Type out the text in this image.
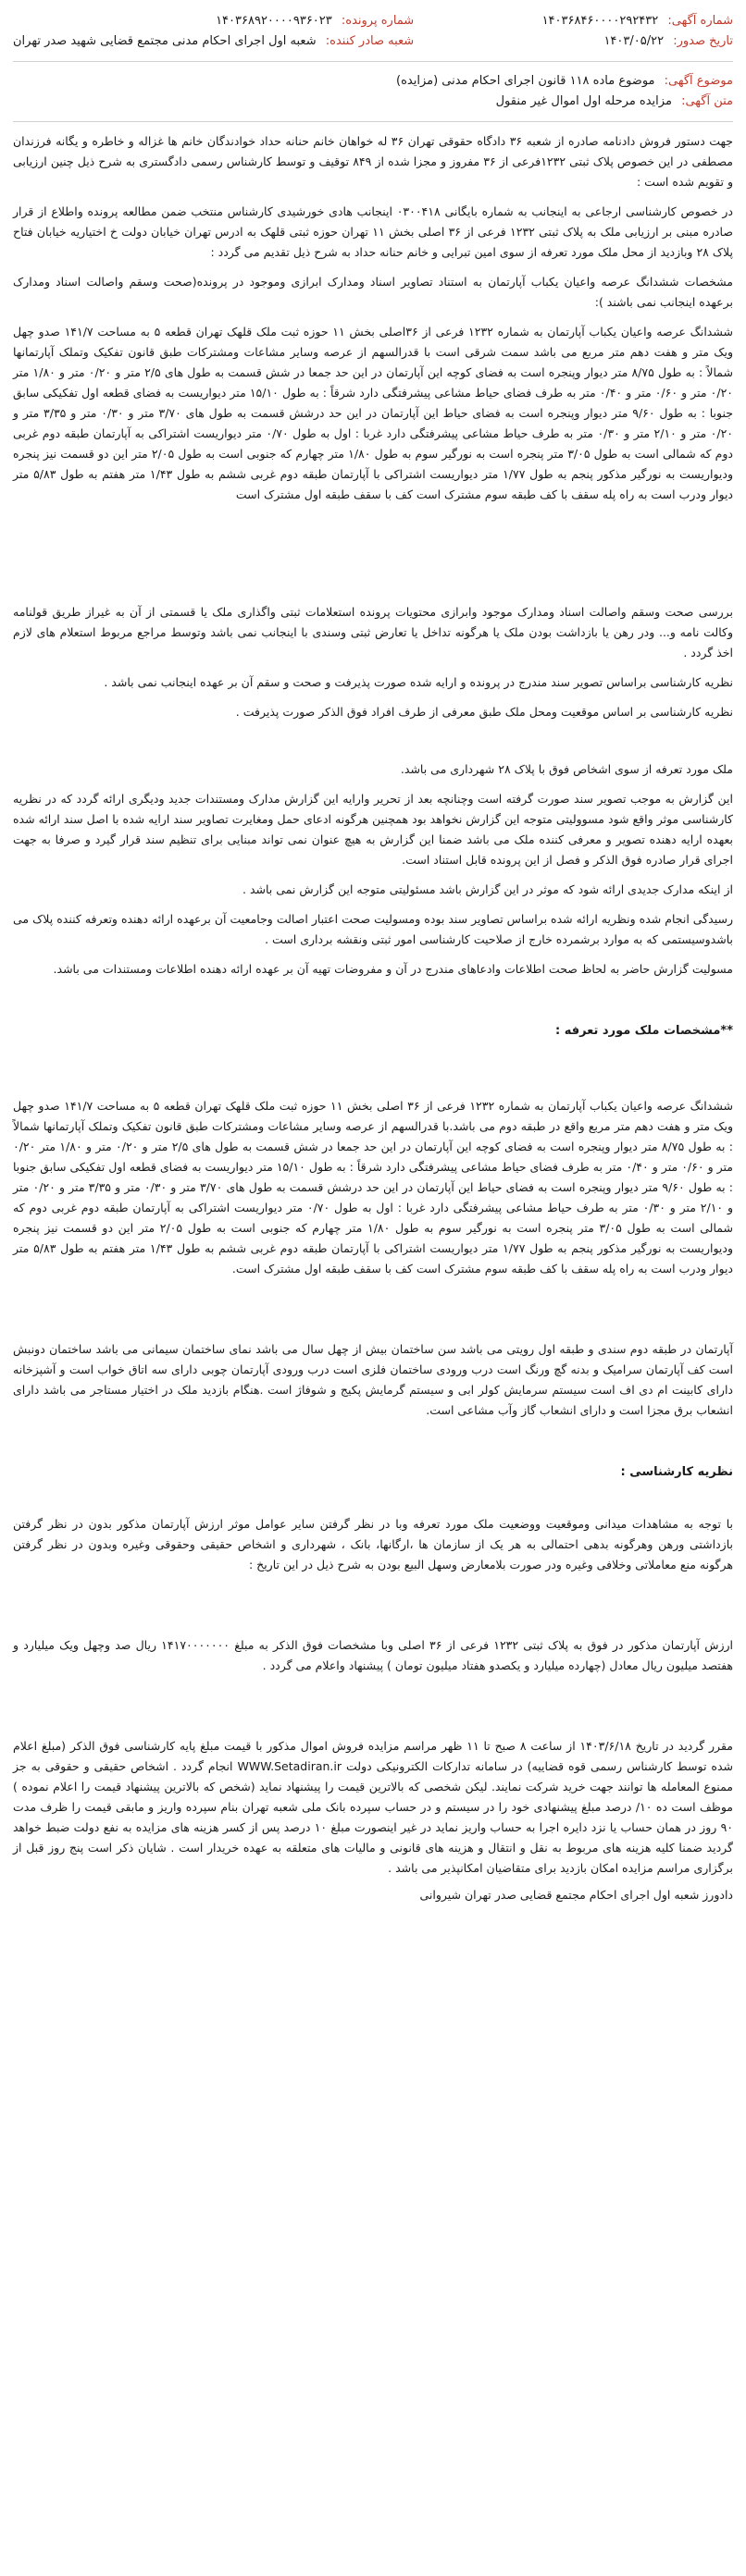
شماره آگهی: ۱۴۰۳۶۸۴۶۰۰۰۰۲۹۲۴۳۲
تاریخ صدور: ۱۴۰۳/۰۵/۲۲
شماره پرونده: ۱۴۰۳۶۸۹۲۰۰۰۰۹۳۶۰۲۳
شعبه صادر کننده: شعبه اول اجرای احکام مدنی مجتمع قضایی شهید صدر تهران
موضوع آگهی: موضوع ماده ۱۱۸ قانون اجرای احکام مدنی (مزایده)
متن آگهی: مزایده مرحله اول اموال غیر منقول

جهت دستور فروش دادنامه صادره از شعبه ۳۶ دادگاه حقوقی تهران ۳۶ له خواهان خانم حنانه حداد خوادندگان خانم ها غزاله و خاطره و یگانه فرزندان مصطفی در این خصوص پلاک ثبتی ۱۲۳۲فرعی از ۳۶ مفروز و مجزا شده از ۸۴۹ توقیف و توسط کارشناس رسمی دادگستری به شرح ذیل چنین ارزیابی و تقویم شده است :

در خصوص کارشناسی ارجاعی به اینجانب به شماره بایگانی ۰۳۰۰۴۱۸ اینجانب هادی خورشیدی کارشناس منتخب ضمن مطالعه پرونده واطلاع از قرار صادره مبنی بر ارزیابی ملک به پلاک ثبتی ۱۲۳۲ فرعی از ۳۶ اصلی بخش ۱۱ تهران حوزه ثبتی قلهک به ادرس تهران خیابان دولت خ اختیاریه خیابان فتاح پلاک ۲۸ وبازدید از محل ملک مورد تعرفه از سوی امین تبرایی و خانم حنانه حداد به شرح ذیل تقدیم می گردد :

مشخصات ششدانگ عرصه واعیان یکباب آپارتمان به استناد تصاویر اسناد ومدارک ابرازی وموجود در پرونده(صحت وسقم واصالت اسناد ومدارک برعهده اینجانب نمی باشند ):

ششدانگ عرصه واعیان یکباب آپارتمان به شماره ۱۲۳۲ فرعی از ۳۶اصلی بخش ۱۱ حوزه ثبت ملک قلهک تهران قطعه ۵ به مساحت ۱۴۱/۷ صدو چهل ویک متر و هفت دهم متر مربع می باشد سمت شرقی است با قدرالسهم از عرصه وسایر مشاعات ومشترکات طبق قانون تفکیک وتملک آپارتمانها شمالاً : به طول ۸/۷۵ متر دیوار وپنجره است به فضای کوچه این آپارتمان در این حد جمعا در شش قسمت به طول های ۲/۵ متر و ۰/۲۰ متر و ۱/۸۰ متر ۰/۲۰ متر و ۰/۶۰ متر و ۰/۴۰ متر به طرف فضای حیاط مشاعی پیشرفتگی دارد شرقاً : به طول ۱۵/۱۰ متر دیواریست به فضای قطعه اول تفکیکی سابق جنوبا : به طول ۹/۶۰ متر دیوار وپنجره است به فضای حیاط این آپارتمان در این حد درشش قسمت به طول های ۳/۷۰ متر و ۰/۳۰ متر و ۳/۳۵ متر و ۰/۲۰ متر و ۲/۱۰ متر و ۰/۳۰ متر به طرف حیاط مشاعی پیشرفتگی دارد غربا : اول به طول ۰/۷۰ متر دیواریست اشتراکی به آپارتمان طبقه دوم غربی دوم که شمالی است به طول ۳/۰۵ متر پنجره است به نورگیر سوم به طول ۱/۸۰ متر چهارم که جنوبی است به طول ۲/۰۵ متر این دو قسمت نیز پنجره ودیواریست به نورگیر مذکور پنجم به طول ۱/۷۷ متر دیواریست اشتراکی با آپارتمان طبقه دوم غربی ششم به طول ۱/۴۳ متر هفتم به طول ۵/۸۳ متر دیوار ودرب است به راه پله سقف با کف طبقه سوم مشترک است کف با سقف طبقه اول مشترک است

بررسی صحت وسقم واصالت اسناد ومدارک موجود وابرازی محتویات پرونده استعلامات ثبتی واگذاری ملک یا قسمتی از آن به غیراز طریق قولنامه وکالت نامه و... ودر رهن یا بازداشت بودن ملک یا هرگونه تداخل یا تعارض ثبتی وسندی با اینجانب نمی باشد وتوسط مراجع مربوط استعلام های لازم اخذ گردد .

نظریه کارشناسی براساس تصویر سند مندرج در پرونده و ارایه شده صورت پذیرفت و صحت و سقم آن بر عهده اینجانب نمی باشد .

نظریه کارشناسی بر اساس موقعیت ومحل ملک طبق معرفی از طرف افراد فوق الذکر صورت پذیرفت .

ملک مورد تعرفه از سوی اشخاص فوق با پلاک ۲۸ شهرداری می باشد.

این گزارش به موجب تصویر سند صورت گرفته است وچنانچه بعد از تحریر وارایه این گزارش مدارک ومستندات جدید ودیگری ارائه گردد که در نظریه کارشناسی موثر واقع شود مسوولیتی متوجه این گزارش نخواهد بود همچنین هرگونه ادعای حمل ومغایرت تصاویر سند ارایه شده با اصل سند ارائه شده بعهده ارایه دهنده تصویر و معرفی کننده ملک می باشد ضمنا این گزارش به هیچ عنوان نمی تواند مبنایی برای تنظیم سند قرار گیرد و صرفا به جهت اجرای قرار صادره فوق الذکر و فصل از این پرونده قابل استناد است.

از اینکه مدارک جدیدی ارائه شود که موثر در این گزارش باشد مسئولیتی متوجه این گزارش نمی باشد .

رسیدگی انجام شده ونظریه ارائه شده براساس تصاویر سند بوده ومسولیت صحت اعتبار اصالت وجامعیت آن برعهده ارائه دهنده وتعرفه کننده پلاک می باشدوسیستمی که به موارد برشمرده خارج از صلاحیت کارشناسی امور ثبتی ونقشه برداری است .

مسولیت گزارش حاضر به لحاظ صحت اطلاعات وادعاهای مندرج در آن و مفروضات تهیه آن بر عهده ارائه دهنده اطلاعات ومستندات می باشد.

**مشخصات ملک مورد تعرفه :

ششدانگ عرصه واعیان یکباب آپارتمان به شماره ۱۲۳۲ فرعی از ۳۶ اصلی بخش ۱۱ حوزه ثبت ملک قلهک تهران قطعه ۵ به مساحت ۱۴۱/۷ صدو چهل ویک متر و هفت دهم متر مربع واقع در طبقه دوم می باشد.با قدرالسهم از عرصه وسایر مشاعات ومشترکات طبق قانون تفکیک وتملک آپارتمانها شمالاً : به طول ۸/۷۵ متر دیوار وپنجره است به فضای کوچه این آپارتمان در این حد جمعا در شش قسمت به طول های ۲/۵ متر و ۰/۲۰ متر و ۱/۸۰ متر ۰/۲۰ متر و ۰/۶۰ متر و ۰/۴۰ متر به طرف فضای حیاط مشاعی پیشرفتگی دارد شرقاً : به طول ۱۵/۱۰ متر دیواریست به فضای قطعه اول تفکیکی سابق جنوبا : به طول ۹/۶۰ متر دیوار وپنجره است به فضای حیاط این آپارتمان در این حد درشش قسمت به طول های ۳/۷۰ متر و ۰/۳۰ متر و ۳/۳۵ متر و ۰/۲۰ متر و ۲/۱۰ متر و ۰/۳۰ متر به طرف حیاط مشاعی پیشرفتگی دارد غربا : اول به طول ۰/۷۰ متر دیواریست اشتراکی به آپارتمان طبقه دوم غربی دوم که شمالی است به طول ۳/۰۵ متر پنجره است به نورگیر سوم به طول ۱/۸۰ متر چهارم که جنوبی است به طول ۲/۰۵ متر این دو قسمت نیز پنجره ودیواریست به نورگیر مذکور پنجم به طول ۱/۷۷ متر دیواریست اشتراکی با آپارتمان طبقه دوم غربی ششم به طول ۱/۴۳ متر هفتم به طول ۵/۸۳ متر دیوار ودرب است به راه پله سقف با کف طبقه سوم مشترک است کف با سقف طبقه اول مشترک است.

آپارتمان در طبقه دوم سندی و طبقه اول رویتی می باشد سن ساختمان بیش از چهل سال می باشد نمای ساختمان سیمانی می باشد ساختمان دونبش است کف آپارتمان سرامیک و بدنه گچ ورنگ است درب ورودی ساختمان فلزی است درب ورودی آپارتمان چوبی دارای سه اتاق خواب است و آشپزخانه دارای کابینت ام دی اف است سیستم سرمایش کولر ابی و سیستم گرمایش پکیج و شوفاژ است .هنگام بازدید ملک در اختیار مستاجر می باشد دارای انشعاب برق مجزا است و دارای انشعاب گاز وآب مشاعی است.

نظریه کارشناسی :

با توجه به مشاهدات میدانی وموقعیت ووضعیت ملک مورد تعرفه وبا در نظر گرفتن سایر عوامل موثر ارزش آپارتمان مذکور بدون در نظر گرفتن بازداشتی ورهن وهرگونه بدهی احتمالی به هر یک از سازمان ها ،ارگانها، بانک ، شهرداری و اشخاص حقیقی وحقوقی وغیره وبدون در نظر گرفتن هرگونه منع معاملاتی وخلافی وغیره ودر صورت بلامعارض وسهل البیع بودن به شرح ذیل در این تاریخ :

ارزش آپارتمان مذکور در فوق به پلاک ثبتی ۱۲۳۲ فرعی از ۳۶ اصلی وبا مشخصات فوق الذکر به مبلغ ۱۴۱۷۰۰۰۰۰۰۰ ریال صد وچهل ویک میلیارد و هفتصد میلیون ریال معادل (چهارده میلیارد و یکصدو هفتاد میلیون تومان ) پیشنهاد واعلام می گردد .

مقرر گردید در تاریخ ۱۴۰۳/۶/۱۸ از ساعت ۸ صبح تا ۱۱ ظهر مراسم مزایده فروش اموال مذکور با قیمت مبلغ پایه کارشناسی فوق الذکر (مبلغ اعلام شده توسط کارشناس رسمی قوه قضاییه) در سامانه تدارکات الکترونیکی دولت WWW.Setadiran.ir انجام گردد . اشخاص حقیقی و حقوقی به جز ممنوع المعامله ها توانند جهت خرید شرکت نمایند. لیکن شخصی که بالاترین قیمت را پیشنهاد نماید (شخص که بالاترین پیشنهاد قیمت را اعلام نموده ) موظف است ده ۱۰/ درصد مبلغ پیشنهادی خود را در سیستم و در حساب سپرده بانک ملی شعبه تهران بنام سپرده واریز و مابقی قیمت را ظرف مدت ۹۰ روز در همان حساب یا نزد دایره اجرا به حساب واریز نماید در غیر اینصورت مبلغ ۱۰ درصد پس از کسر هزینه های مزایده به نفع دولت ضبط خواهد گردید ضمنا کلیه هزینه های مربوط به نقل و انتقال و هزینه های قانونی و مالیات های متعلقه به عهده خریدار است . شایان ذکر است پنج روز قبل از برگزاری مراسم مزایده امکان بازدید برای متقاضیان امکانپذیر می باشد .

دادورز شعبه اول اجرای احکام مجتمع قضایی صدر تهران شیروانی
